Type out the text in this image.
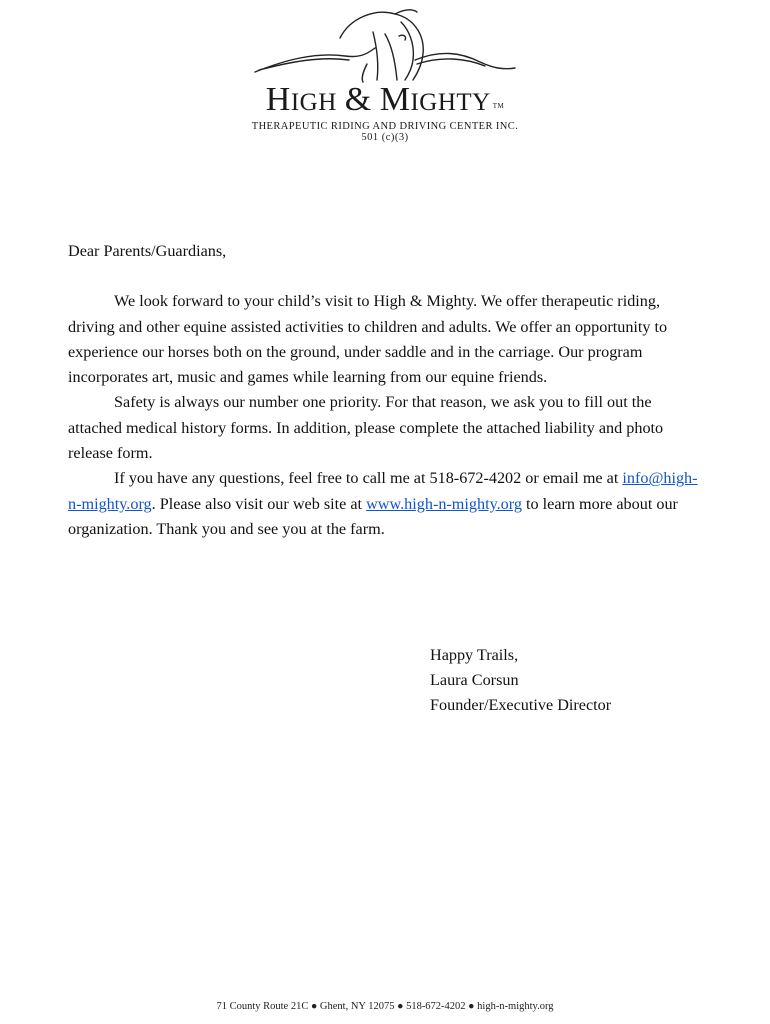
HIGH & MIGHTY TM
THERAPEUTIC RIDING AND DRIVING CENTER INC.
501 (c)(3)

Dear Parents/Guardians,

We look forward to your child’s visit to High & Mighty. We offer therapeutic riding, driving and other equine assisted activities to children and adults. We offer an opportunity to experience our horses both on the ground, under saddle and in the carriage. Our program incorporates art, music and games while learning from our equine friends.

Safety is always our number one priority. For that reason, we ask you to fill out the attached medical history forms. In addition, please complete the attached liability and photo release form.

If you have any questions, feel free to call me at 518-672-4202 or email me at info@high-n-mighty.org. Please also visit our web site at www.high-n-mighty.org to learn more about our organization. Thank you and see you at the farm.

Happy Trails,
Laura Corsun
Founder/Executive Director
71 County Route 21C ● Ghent, NY 12075 ● 518-672-4202 ● high-n-mighty.org
